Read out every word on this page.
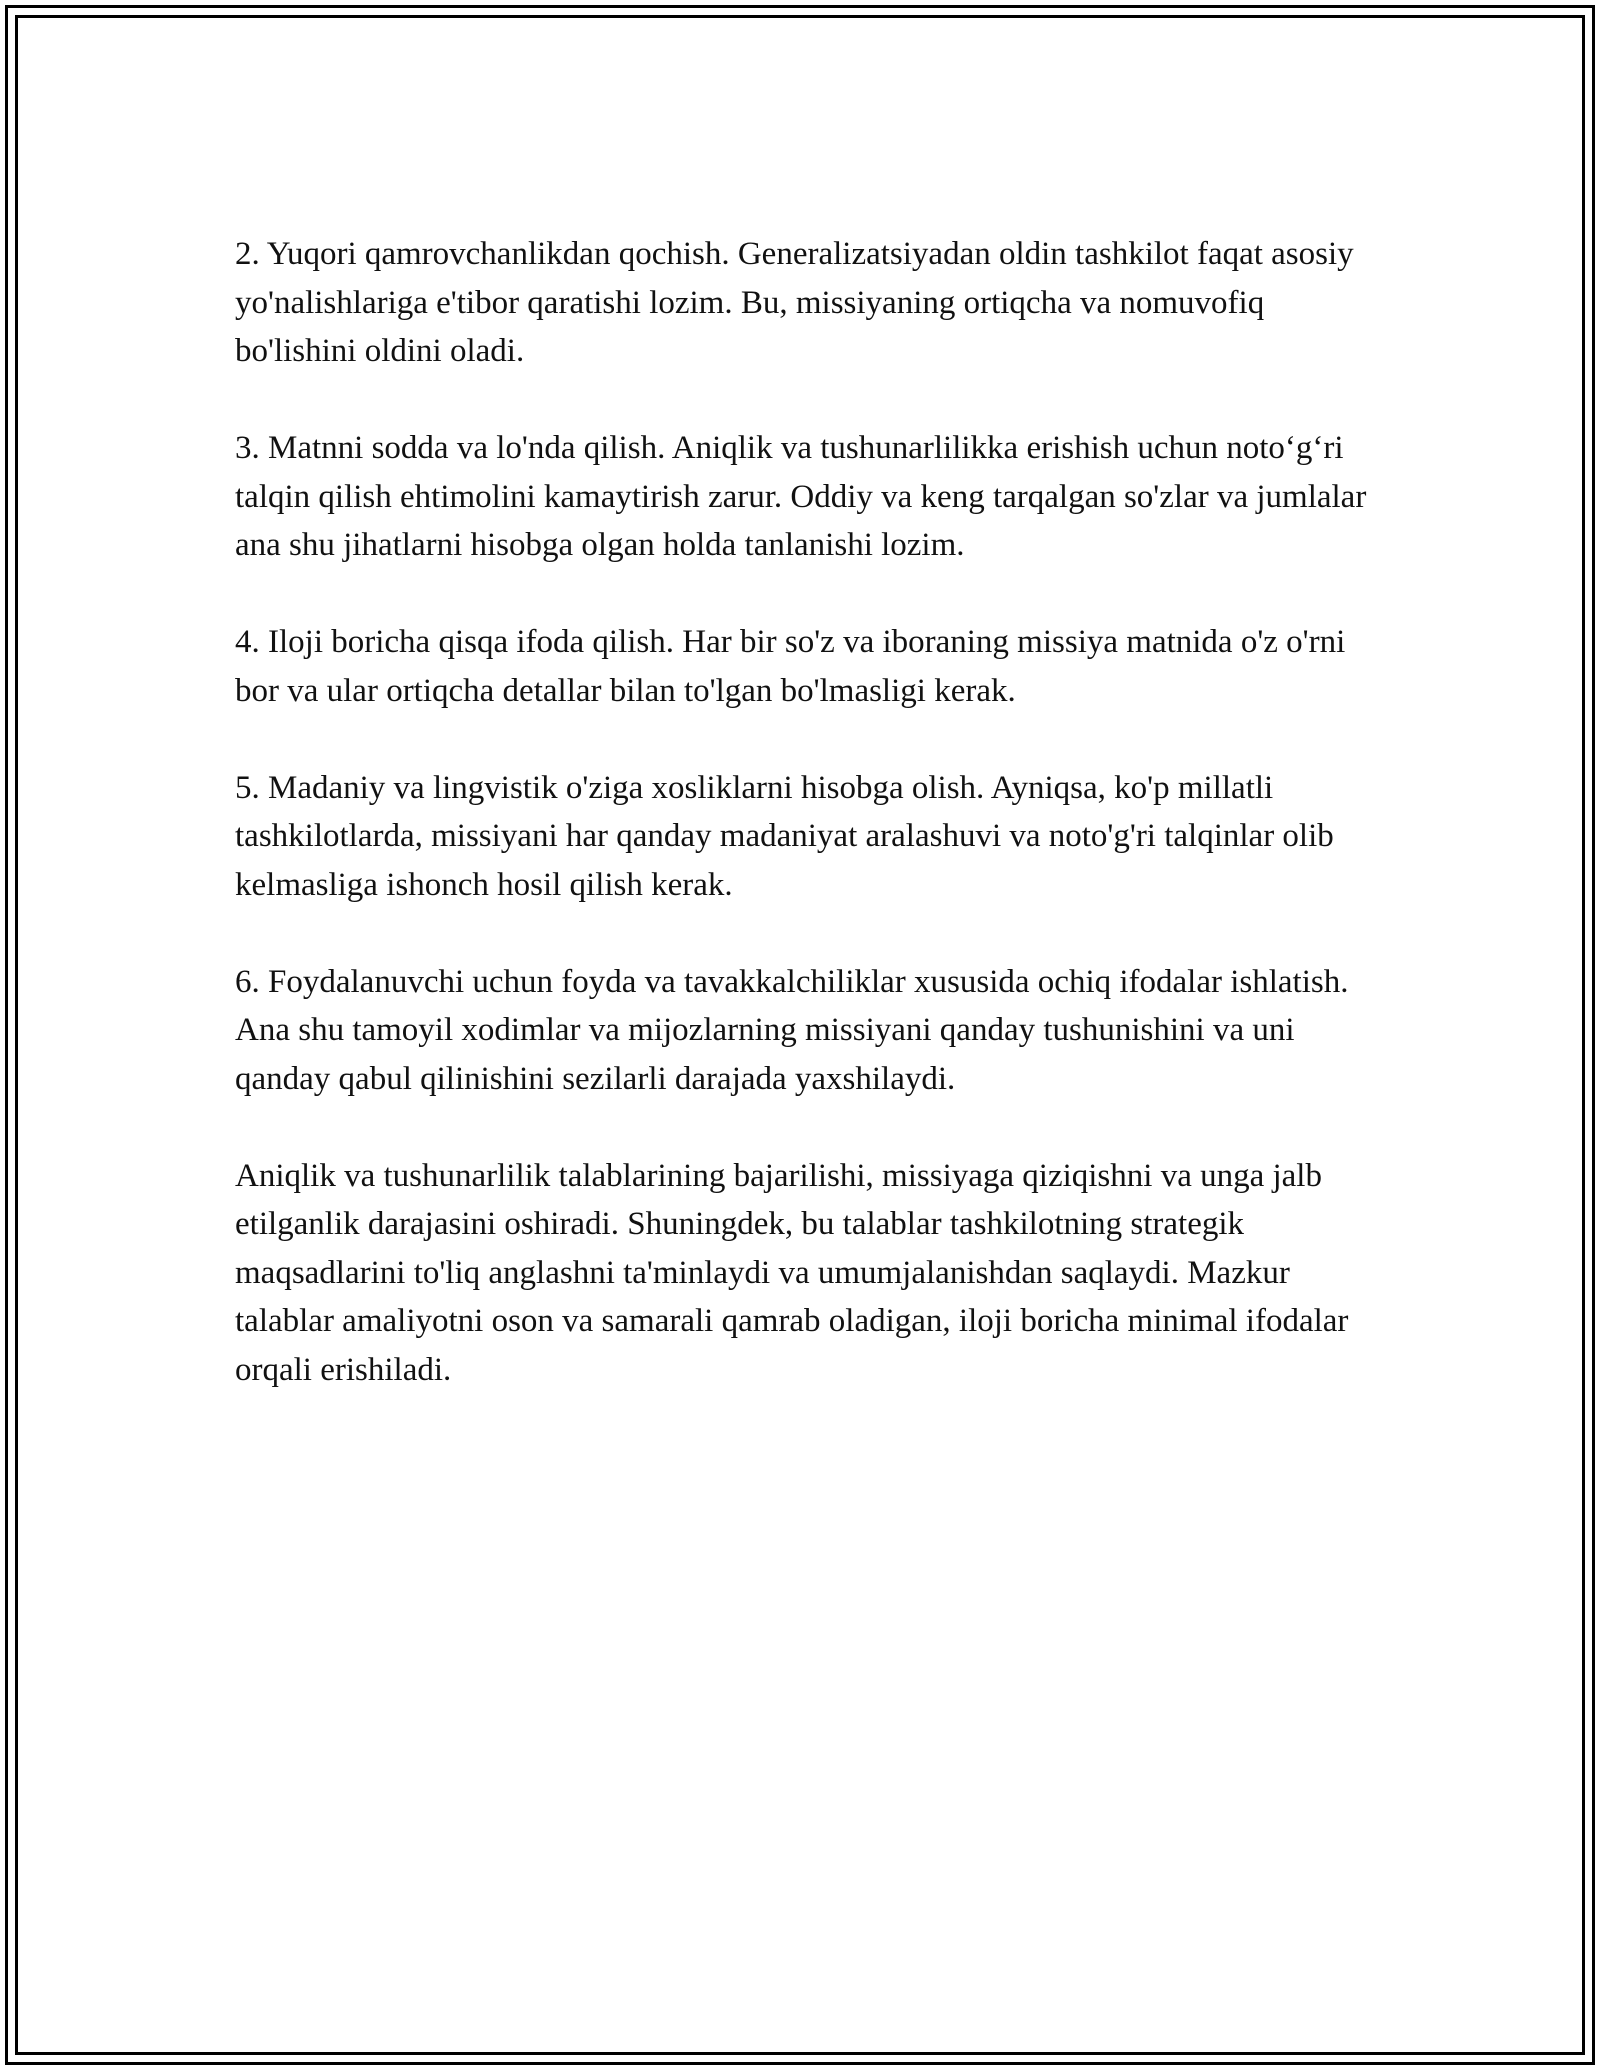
2. Yuqori qamrovchanlikdan qochish. Generalizatsiyadan oldin tashkilot faqat asosiy yo'nalishlariga e'tibor qaratishi lozim. Bu, missiyaning ortiqcha va nomuvofiq bo'lishini oldini oladi.

3. Matnni sodda va lo'nda qilish. Aniqlik va tushunarlilikka erishish uchun noto‘g‘ri talqin qilish ehtimolini kamaytirish zarur. Oddiy va keng tarqalgan so'zlar va jumlalar ana shu jihatlarni hisobga olgan holda tanlanishi lozim.

4. Iloji boricha qisqa ifoda qilish. Har bir so'z va iboraning missiya matnida o'z o'rni bor va ular ortiqcha detallar bilan to'lgan bo'lmasligi kerak.

5. Madaniy va lingvistik o'ziga xosliklarni hisobga olish. Ayniqsa, ko'p millatli tashkilotlarda, missiyani har qanday madaniyat aralashuvi va noto'g'ri talqinlar olib kelmasliga ishonch hosil qilish kerak.

6. Foydalanuvchi uchun foyda va tavakkalchiliklar xususida ochiq ifodalar ishlatish. Ana shu tamoyil xodimlar va mijozlarning missiyani qanday tushunishini va uni qanday qabul qilinishini sezilarli darajada yaxshilaydi.

Aniqlik va tushunarlilik talablarining bajarilishi, missiyaga qiziqishni va unga jalb etilganlik darajasini oshiradi. Shuningdek, bu talablar tashkilotning strategik maqsadlarini to'liq anglashni ta'minlaydi va umumjalanishdan saqlaydi. Mazkur talablar amaliyotni oson va samarali qamrab oladigan, iloji boricha minimal ifodalar orqali erishiladi.
